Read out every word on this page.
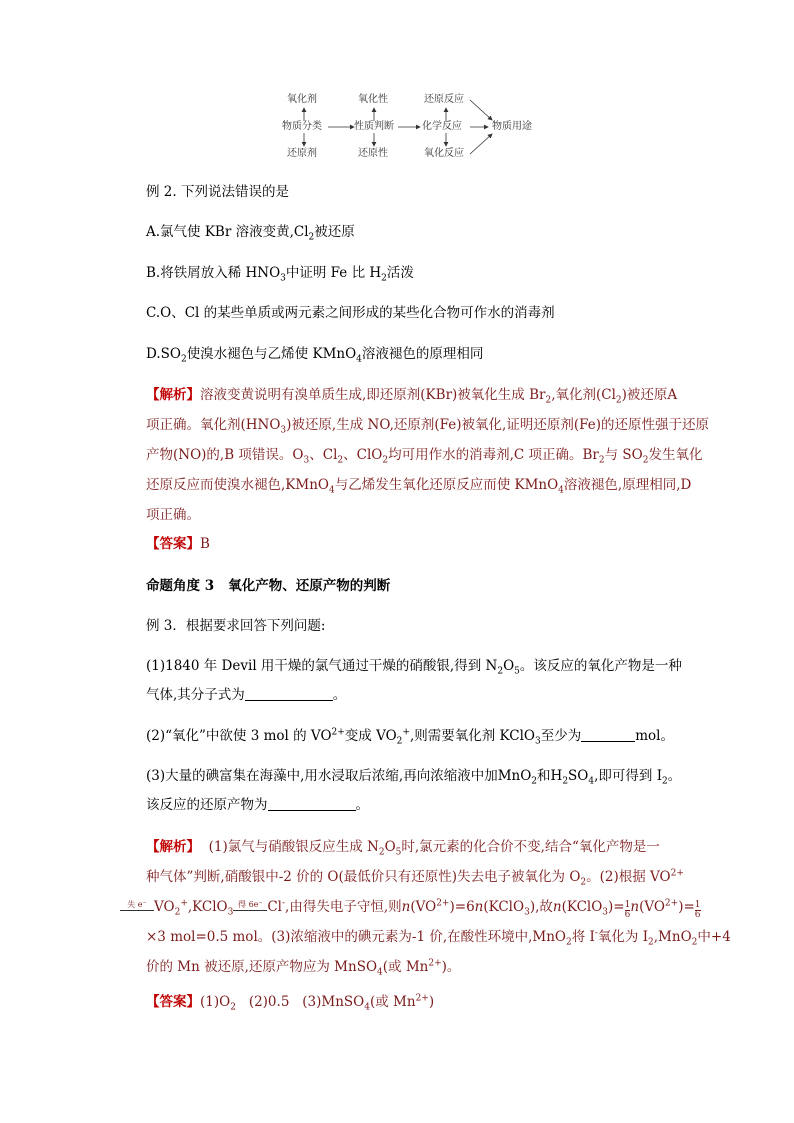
氧化剂	氧化性	还原反应
物质分类	性质判断	化学反应	物质用途
还原剂	还原性	氧化反应
例 2. 下列说法错误的是
A.氯气使 KBr 溶液变黄$,Cl_2$被还原
B.将铁屑放入稀 $HNO_3$中证明 Fe 比 $H_2$活泼
C.O、Cl 的某些单质或两元素之间形成的某些化合物可作水的消毒剂
$D.SO_2$使溴水褪色与乙烯使 KMnO$_4$溶液褪色的原理相同
【解析】溶液变黄说明有溴单质生成,即还原剂(KBr)被氧化生成 $Br_2$,氧化剂$(Cl_2)$被还原A
项正确。氧化剂$(HNO_3)$被还原,生成 NO,还原剂(Fe)被氧化,证明还原剂(Fe)的还原性强于还原
产物(NO)的,B 项错误。$O_3$、$Cl_2$、ClO$_2$均可用作水的消毒剂,C 项正确。$Br_2$与 $SO_2$发生氧化
还原反应而使溴水褪色,KMnO$_4$与乙烯发生氧化还原反应而使 KMnO$_4$溶液褪色,原理相同,D
项正确。
【答案】B
命题角度 3 氧化产物、还原产物的判断
例 3．根据要求回答下列问题:
(1)1840 年 Devil 用干燥的氯气通过干燥的硝酸银,得到 $N_2O_5$。该反应的氧化产物是一种
气体,其分子式为	。
(2)“氧化”中欲使 3 mol 的 $VO^{2+}$变成 $VO_2^+$,则需要氧化剂 KClO$_3$至少为	mol。
(3)大量的碘富集在海藻中,用水浸取后浓缩,再向浓缩液中加MnO$_2$和$H_2SO_4$,即可得到 $I_2$。
该反应的还原产物为	。
【解析】 (1)氯气与硝酸银反应生成 $N_2O_5$时,氯元素的化合价不变,结合“氧化产物是一
种气体”判断,硝酸银中-2 价的 O(最低价只有还原性)失去电子被氧化为 $O_2$。(2)根据 $VO^{2+}$
失 e⁻ $VO_2^+,KClO_3$得 6e⁻ Cl-,由得失电子守恒,则$n(VO^{2+})=6n(KClO_3)$,故n(KClO$_3$)= $\frac{1}{6} n(VO^{2+})= \frac{1}{6}$
×3 mol=0.5 mol。(3)浓缩液中的碘元素为-1 价,在酸性环境中,MnO$_2$将 I-氧化为 $I_2,MnO_2$中+4
价的 Mn 被还原,还原产物应为 MnSO$_4$(或 $Mn^{2+}$)。
【答案】$(1)O_2$ (2)0.5 (3)MnSO$_4$(或 $Mn^{2+}$)
